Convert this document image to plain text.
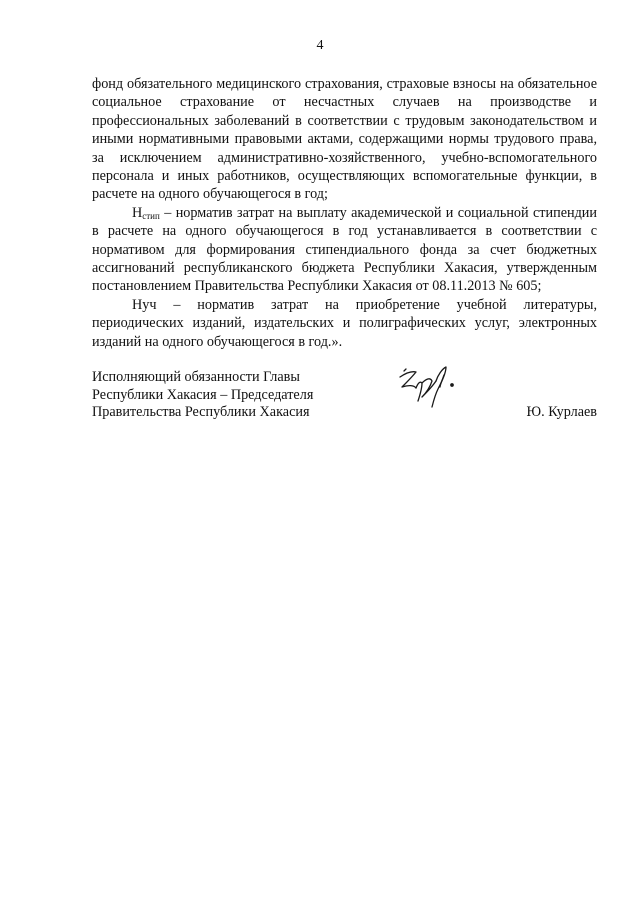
4

фонд обязательного медицинского страхования, страховые взносы на обязательное социальное страхование от несчастных случаев на производстве и профессиональных заболеваний в соответствии с трудовым законодательством и иными нормативными правовыми актами, содержащими нормы трудового права, за исключением административно-хозяйственного, учебно-вспомогательного персонала и иных работников, осуществляющих вспомогательные функции, в расчете на одного обучающегося в год;

$Н_{стип}$ – норматив затрат на выплату академической и социальной стипендии в расчете на одного обучающегося в год устанавливается в соответствии с нормативом для формирования стипендиального фонда за счет бюджетных ассигнований республиканского бюджета Республики Хакасия, утвержденным постановлением Правительства Республики Хакасия от 08.11.2013 № 605;

Нуч – норматив затрат на приобретение учебной литературы, периодических изданий, издательских и полиграфических услуг, электронных изданий на одного обучающегося в год.».

Исполняющий обязанности Главы
Республики Хакасия – Председателя
Правительства Республики Хакасия	Ю. Курлаев
